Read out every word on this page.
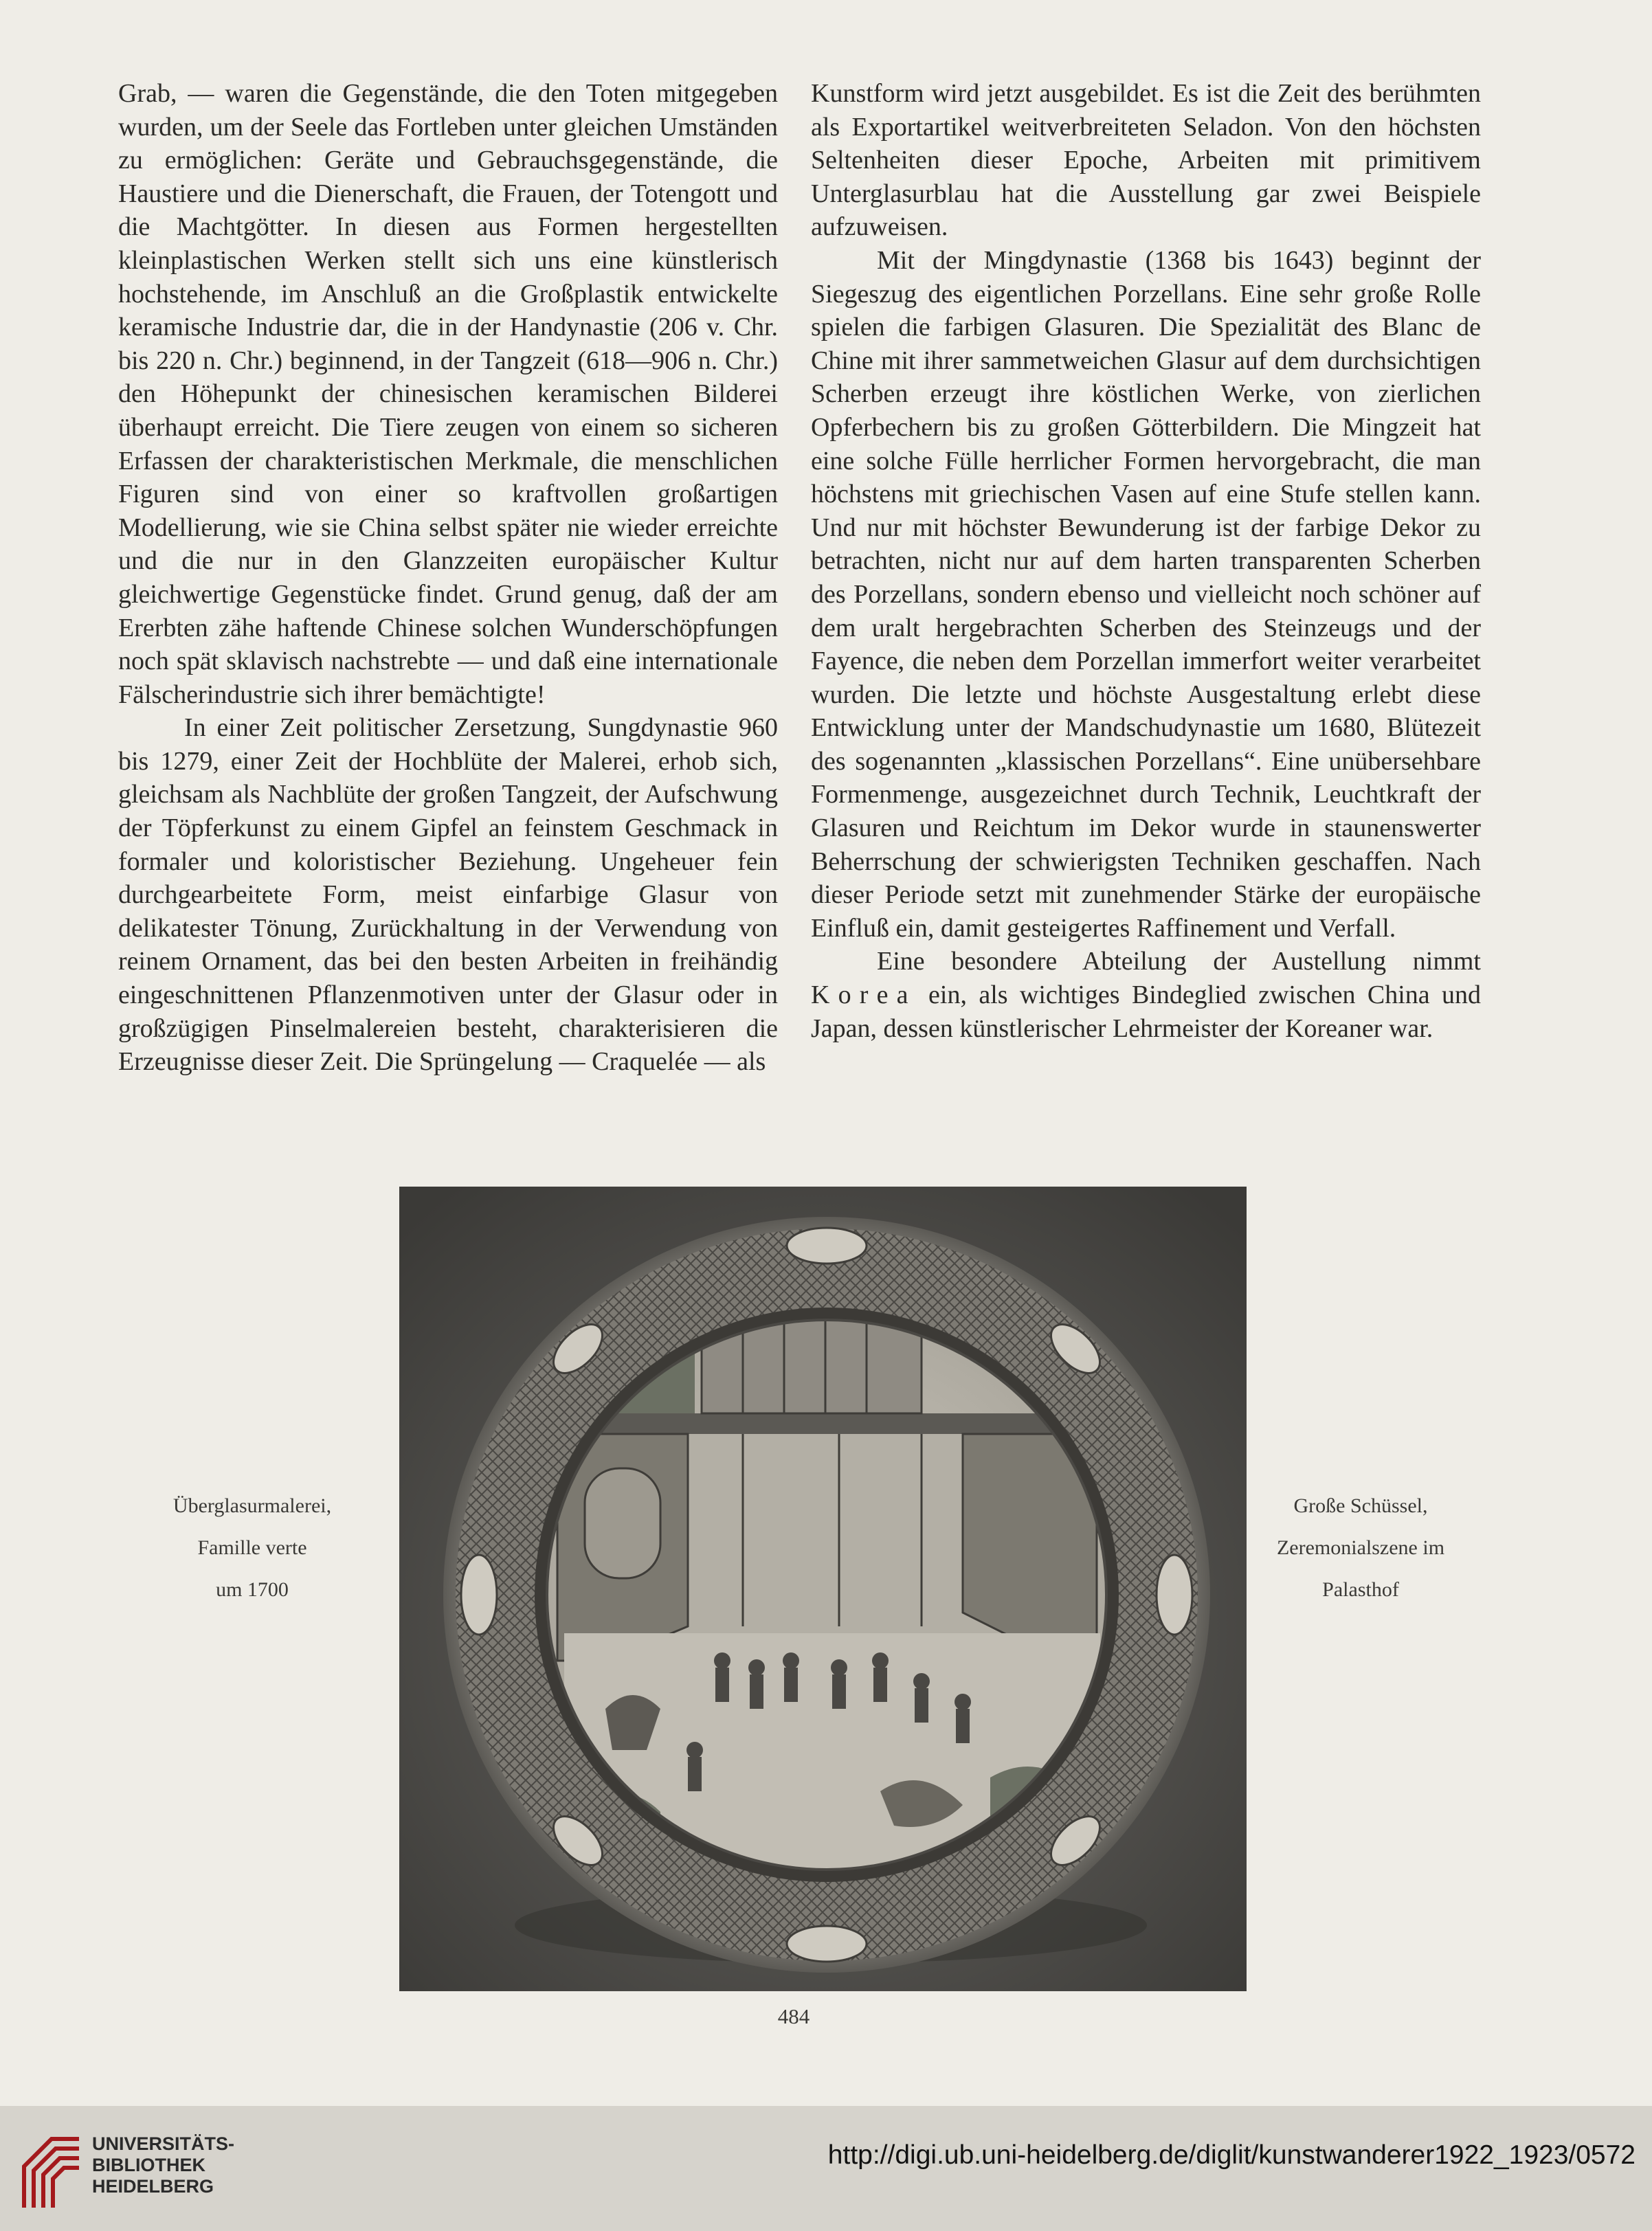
Grab, — waren die Gegenstände, die den Toten mitgegeben wurden, um der Seele das Fortleben unter gleichen Umständen zu ermöglichen: Geräte und Gebrauchsgegenstände, die Haustiere und die Dienerschaft, die Frauen, der Totengott und die Machtgötter. In diesen aus Formen hergestellten kleinplastischen Werken stellt sich uns eine künstlerisch hochstehende, im Anschluß an die Großplastik entwickelte keramische Industrie dar, die in der Handynastie (206 v. Chr. bis 220 n. Chr.) beginnend, in der Tangzeit (618—906 n. Chr.) den Höhepunkt der chinesischen keramischen Bilderei überhaupt erreicht. Die Tiere zeugen von einem so sicheren Erfassen der charakteristischen Merkmale, die menschlichen Figuren sind von einer so kraftvollen großartigen Modellierung, wie sie China selbst später nie wieder erreichte und die nur in den Glanzzeiten europäischer Kultur gleichwertige Gegenstücke findet. Grund genug, daß der am Ererbten zähe haftende Chinese solchen Wunderschöpfungen noch spät sklavisch nachstrebte — und daß eine internationale Fälscherindustrie sich ihrer bemächtigte!

In einer Zeit politischer Zersetzung, Sungdynastie 960 bis 1279, einer Zeit der Hochblüte der Malerei, erhob sich, gleichsam als Nachblüte der großen Tangzeit, der Aufschwung der Töpferkunst zu einem Gipfel an feinstem Geschmack in formaler und koloristischer Beziehung. Ungeheuer fein durchgearbeitete Form, meist einfarbige Glasur von delikatester Tönung, Zurückhaltung in der Verwendung von reinem Ornament, das bei den besten Arbeiten in freihändig eingeschnittenen Pflanzenmotiven unter der Glasur oder in großzügigen Pinselmalereien besteht, charakterisieren die Erzeugnisse dieser Zeit. Die Sprüngelung — Craquelée — als

Kunstform wird jetzt ausgebildet. Es ist die Zeit des berühmten als Exportartikel weitverbreiteten Seladon. Von den höchsten Seltenheiten dieser Epoche, Arbeiten mit primitivem Unterglasurblau hat die Ausstellung gar zwei Beispiele aufzuweisen.

Mit der Mingdynastie (1368 bis 1643) beginnt der Siegeszug des eigentlichen Porzellans. Eine sehr große Rolle spielen die farbigen Glasuren. Die Spezialität des Blanc de Chine mit ihrer sammetweichen Glasur auf dem durchsichtigen Scherben erzeugt ihre köstlichen Werke, von zierlichen Opferbechern bis zu großen Götterbildern. Die Mingzeit hat eine solche Fülle herrlicher Formen hervorgebracht, die man höchstens mit griechischen Vasen auf eine Stufe stellen kann. Und nur mit höchster Bewunderung ist der farbige Dekor zu betrachten, nicht nur auf dem harten transparenten Scherben des Porzellans, sondern ebenso und vielleicht noch schöner auf dem uralt hergebrachten Scherben des Steinzeugs und der Fayence, die neben dem Porzellan immerfort weiter verarbeitet wurden. Die letzte und höchste Ausgestaltung erlebt diese Entwicklung unter der Mandschudynastie um 1680, Blütezeit des sogenannten „klassischen Porzellans“. Eine unübersehbare Formenmenge, ausgezeichnet durch Technik, Leuchtkraft der Glasuren und Reichtum im Dekor wurde in staunenswerter Beherrschung der schwierigsten Techniken geschaffen. Nach dieser Periode setzt mit zunehmender Stärke der europäische Einfluß ein, damit gesteigertes Raffinement und Verfall.

Eine besondere Abteilung der Austellung nimmt Korea ein, als wichtiges Bindeglied zwischen China und Japan, dessen künstlerischer Lehrmeister der Koreaner war.

Überglasurmalerei,
Famille verte
um 1700
Große Schüssel,
Zeremonialszene im
Palasthof
484
UNIVERSITÄTS-
BIBLIOTHEK
HEIDELBERG
http://digi.ub.uni-heidelberg.de/diglit/kunstwanderer1922_1923/0572
